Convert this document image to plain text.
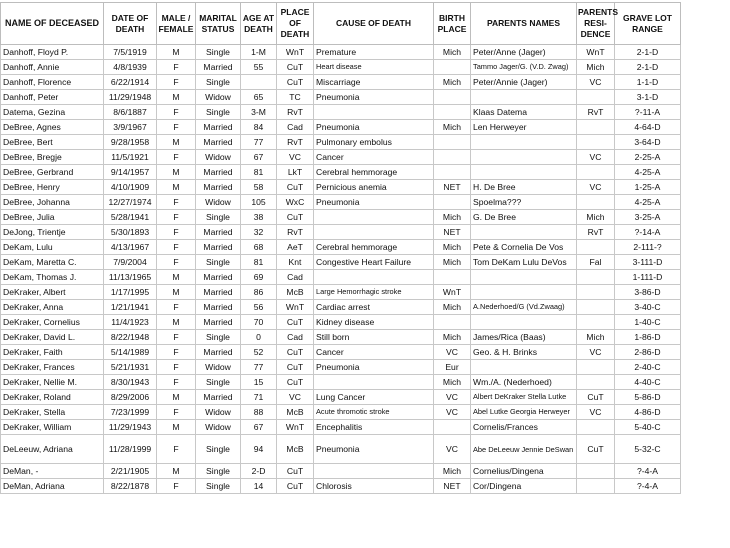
NAME OF DECEASED	DATE OF DEATH	MALE / FEMALE	MARITAL STATUS	AGE AT DEATH	PLACE OF DEATH	CAUSE OF DEATH	BIRTH PLACE	PARENTS NAMES	PARENTS RESI-DENCE	GRAVE LOT RANGE
Danhoff, Floyd P.	7/5/1919	M	Single	1-M	WnT	Premature	Mich	Peter/Anne (Jager)	WnT	2-1-D
Danhoff, Annie	4/8/1939	F	Married	55	CuT	Heart disease		Tammo Jager/G. (V.D. Zwag)	Mich	2-1-D
Danhoff, Florence	6/22/1914	F	Single		CuT	Miscarriage	Mich	Peter/Annie (Jager)	VC	1-1-D
Danhoff, Peter	11/29/1948	M	Widow	65	TC	Pneumonia				3-1-D
Datema, Gezina	8/6/1887	F	Single	3-M	RvT			Klaas Datema	RvT	?-11-A
DeBree, Agnes	3/9/1967	F	Married	84	Cad	Pneumonia	Mich	Len Herweyer		4-64-D
DeBree, Bert	9/28/1958	M	Married	77	RvT	Pulmonary embolus				3-64-D
DeBree, Bregje	11/5/1921	F	Widow	67	VC	Cancer			VC	2-25-A
DeBree, Gerbrand	9/14/1957	M	Married	81	LkT	Cerebral hemmorage				4-25-A
DeBree, Henry	4/10/1909	M	Married	58	CuT	Pernicious anemia	NET	H. De Bree	VC	1-25-A
DeBree, Johanna	12/27/1974	F	Widow	105	WxC	Pneumonia		Spoelma???		4-25-A
DeBree, Julia	5/28/1941	F	Single	38	CuT		Mich	G. De Bree	Mich	3-25-A
DeJong, Trientje	5/30/1893	F	Married	32	RvT		NET		RvT	?-14-A
DeKam, Lulu	4/13/1967	F	Married	68	AeT	Cerebral hemmorage	Mich	Pete & Cornelia De Vos		2-111-?
DeKam, Maretta C.	7/9/2004	F	Single	81	Knt	Congestive Heart Failure	Mich	Tom DeKam Lulu DeVos	Fal	3-111-D
DeKam, Thomas J.	11/13/1965	M	Married	69	Cad					1-111-D
DeKraker, Albert	1/17/1995	M	Married	86	McB	Large Hemorrhagic stroke	WnT			3-86-D
DeKraker, Anna	1/21/1941	F	Married	56	WnT	Cardiac arrest	Mich	A.Nederhoed/G (Vd.Zwaag)		3-40-C
DeKraker, Cornelius	11/4/1923	M	Married	70	CuT	Kidney disease				1-40-C
DeKraker, David L.	8/22/1948	F	Single	0	Cad	Still born	Mich	James/Rica (Baas)	Mich	1-86-D
DeKraker, Faith	5/14/1989	F	Married	52	CuT	Cancer	VC	Geo. & H. Brinks	VC	2-86-D
DeKraker, Frances	5/21/1931	F	Widow	77	CuT	Pneumonia	Eur			2-40-C
DeKraker, Nellie M.	8/30/1943	F	Single	15	CuT		Mich	Wm./A. (Nederhoed)		4-40-C
DeKraker, Roland	8/29/2006	M	Married	71	VC	Lung Cancer	VC	Albert DeKraker Stella Lutke	CuT	5-86-D
DeKraker, Stella	7/23/1999	F	Widow	88	McB	Acute thromotic stroke	VC	Abel Lutke Georgia Herweyer	VC	4-86-D
DeKraker, William	11/29/1943	M	Widow	67	WnT	Encephalitis		Cornelis/Frances		5-40-C
DeLeeuw, Adriana	11/28/1999	F	Single	94	McB	Pneumonia	VC	Abe DeLeeuw Jennie DeSwan	CuT	5-32-C
DeMan, -	2/21/1905	M	Single	2-D	CuT		Mich	Cornelius/Dingena		?-4-A
DeMan, Adriana	8/22/1878	F	Single	14	CuT	Chlorosis	NET	Cor/Dingena		?-4-A
